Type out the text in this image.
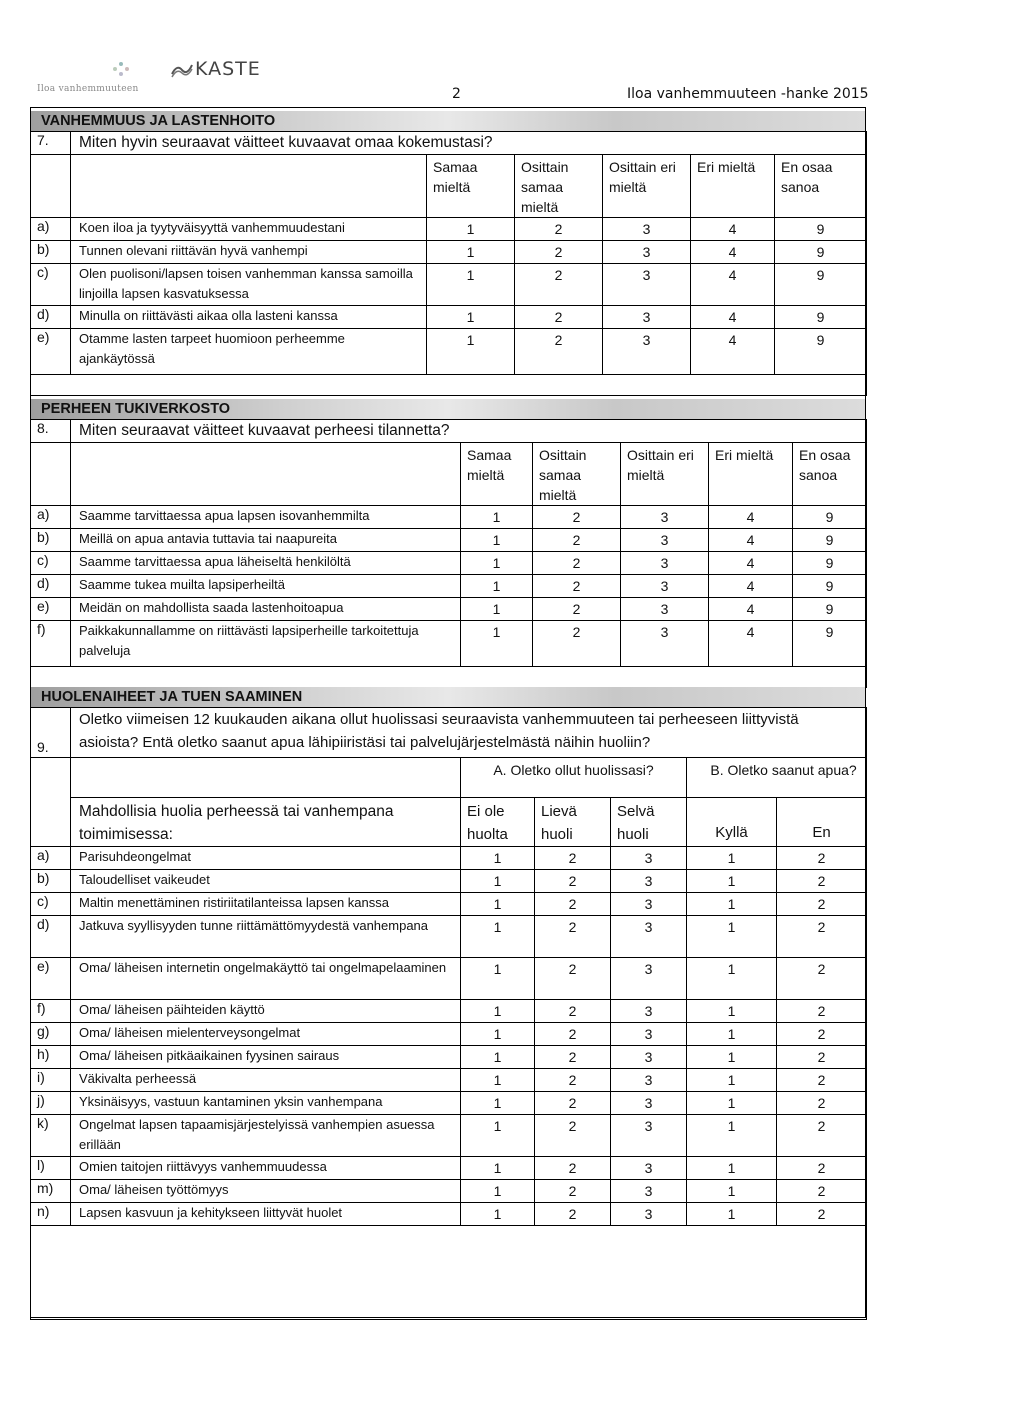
Iloa vanhemmuuteen
KASTE
2	Iloa vanhemmuuteen -hanke 2015
VANHEMMUUS JA LASTENHOITO
7.	Miten hyvin seuraavat väitteet kuvaavat omaa kokemustasi?					
		Samaa mieltä	Osittain samaa mieltä	Osittain eri mieltä	Eri mieltä	En osaa sanoa
a)	Koen iloa ja tyytyväisyyttä vanhemmuudestani	1	2	3	4	9
b)	Tunnen olevani riittävän hyvä vanhempi	1	2	3	4	9
c)	Olen puolisoni/lapsen toisen vanhemman kanssa samoilla linjoilla lapsen kasvatuksessa	1	2	3	4	9
d)	Minulla on riittävästi aikaa olla lasteni kanssa	1	2	3	4	9
e)	Otamme lasten tarpeet huomioon perheemme ajankäytössä	1	2	3	4	9

PERHEEN TUKIVERKOSTO
8.	Miten seuraavat väitteet kuvaavat perheesi tilannetta?					
		Samaa mieltä	Osittain samaa mieltä	Osittain eri mieltä	Eri mieltä	En osaa sanoa
a)	Saamme tarvittaessa apua lapsen isovanhemmilta	1	2	3	4	9
b)	Meillä on apua antavia tuttavia tai naapureita	1	2	3	4	9
c)	Saamme tarvittaessa apua läheiseltä henkilöltä	1	2	3	4	9
d)	Saamme tukea muilta lapsiperheiltä	1	2	3	4	9
e)	Meidän on mahdollista saada lastenhoitoapua	1	2	3	4	9
f)	Paikkakunnallamme on riittävästi lapsiperheille tarkoitettuja palveluja	1	2	3	4	9

HUOLENAIHEET JA TUEN SAAMINEN
9.	Oletko viimeisen 12 kuukauden aikana ollut huolissasi seuraavista vanhemmuuteen tai perheeseen liittyvistä asioista? Entä oletko saanut apua lähipiiristäsi tai palvelujärjestelmästä näihin huoliin?					
		A. Oletko ollut huolissasi?			B. Oletko saanut apua?	
	Mahdollisia huolia perheessä tai vanhempana toimimisessa:	Ei ole huolta	Lievä huoli	Selvä huoli	Kyllä	En
a)	Parisuhdeongelmat	1	2	3	1	2
b)	Taloudelliset vaikeudet	1	2	3	1	2
c)	Maltin menettäminen ristiriitatilanteissa lapsen kanssa	1	2	3	1	2
d)	Jatkuva syyllisyyden tunne riittämättömyydestä vanhempana	1	2	3	1	2
e)	Oma/ läheisen internetin ongelmakäyttö tai ongelmapelaaminen	1	2	3	1	2
f)	Oma/ läheisen päihteiden käyttö	1	2	3	1	2
g)	Oma/ läheisen mielenterveysongelmat	1	2	3	1	2
h)	Oma/ läheisen pitkäaikainen fyysinen sairaus	1	2	3	1	2
i)	Väkivalta perheessä	1	2	3	1	2
j)	Yksinäisyys, vastuun kantaminen yksin vanhempana	1	2	3	1	2
k)	Ongelmat lapsen tapaamisjärjestelyissä vanhempien asuessa erillään	1	2	3	1	2
l)	Omien taitojen riittävyys vanhemmuudessa	1	2	3	1	2
m)	Oma/ läheisen työttömyys	1	2	3	1	2
n)	Lapsen kasvuun ja kehitykseen liittyvät huolet	1	2	3	1	2
